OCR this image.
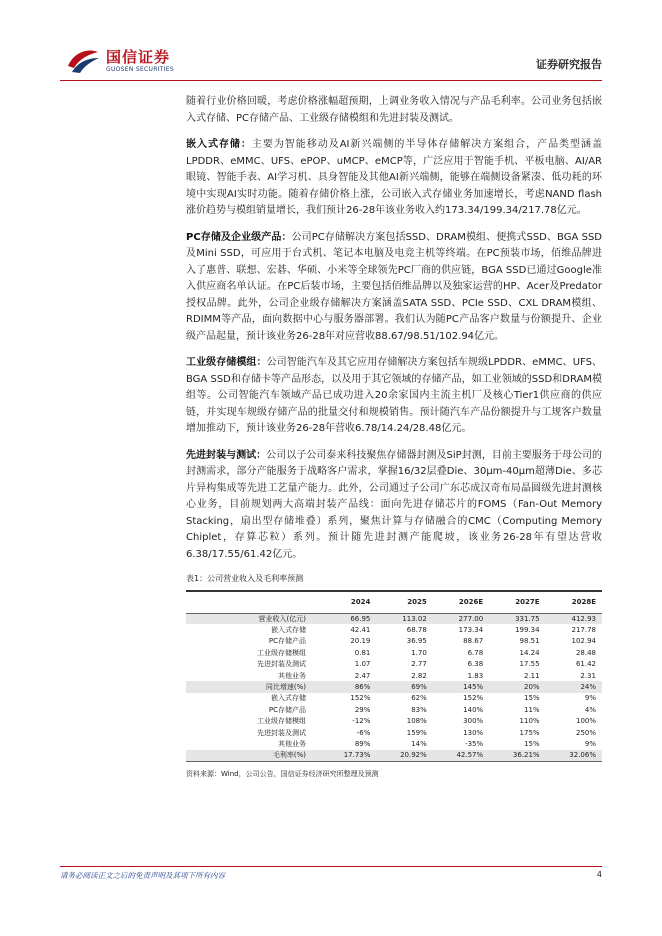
国信证券
GUOSEN SECURITIES	证券研究报告

随着行业价格回暖，考虑价格涨幅超预期，上调业务收入情况与产品毛利率。公司业务包括嵌入式存储、PC存储产品、工业级存储模组和先进封装及测试。

嵌入式存储：主要为智能移动及AI新兴端侧的半导体存储解决方案组合，产品类型涵盖LPDDR、eMMC、UFS、ePOP、uMCP、eMCP等，广泛应用于智能手机、平板电脑、AI/AR眼镜、智能手表、AI学习机、具身智能及其他AI新兴端侧，能够在端侧设备紧凑、低功耗的环境中实现AI实时功能。随着存储价格上涨，公司嵌入式存储业务加速增长，考虑NAND flash涨价趋势与模组销量增长，我们预计26-28年该业务收入约173.34/199.34/217.78亿元。

PC存储及企业级产品：公司PC存储解决方案包括SSD、DRAM模组、便携式SSD、BGA SSD及Mini SSD，可应用于台式机、笔记本电脑及电竞主机等终端。在PC预装市场，佰维品牌进入了惠普、联想、宏碁、华硕、小米等全球领先PC厂商的供应链，BGA SSD已通过Google准入供应商名单认证。在PC后装市场，主要包括佰维品牌以及独家运营的HP、Acer及Predator授权品牌。此外，公司企业级存储解决方案涵盖SATA SSD、PCIe SSD、CXL DRAM模组、RDIMM等产品，面向数据中心与服务器部署。我们认为随PC产品客户数量与份额提升、企业级产品起量，预计该业务26-28年对应营收88.67/98.51/102.94亿元。

工业级存储模组：公司智能汽车及其它应用存储解决方案包括车规级LPDDR、eMMC、UFS、BGA SSD和存储卡等产品形态，以及用于其它领域的存储产品，如工业领域的SSD和DRAM模组等。公司智能汽车领域产品已成功进入20余家国内主流主机厂及核心Tier1供应商的供应链，并实现车规级存储产品的批量交付和规模销售。预计随汽车产品份额提升与工规客户数量增加推动下，预计该业务26-28年营收6.78/14.24/28.48亿元。

先进封装与测试：公司以子公司泰来科技聚焦存储器封测及SiP封测，目前主要服务于母公司的封测需求，部分产能服务于战略客户需求，掌握16/32层叠Die、30μm-40μm超薄Die、多芯片异构集成等先进工艺量产能力。此外，公司通过子公司广东芯成汉奇布局晶圆级先进封测核心业务，目前规划两大高端封装产品线：面向先进存储芯片的FOMS（Fan-Out Memory Stacking，扇出型存储堆叠）系列，聚焦计算与存储融合的CMC（Computing Memory Chiplet，存算芯粒）系列。预计随先进封测产能爬坡，该业务26-28年有望达营收6.38/17.55/61.42亿元。

表1：公司营业收入及毛利率预测
	2024	2025	2026E	2027E	2028E
营业收入(亿元)	66.95	113.02	277.00	331.75	412.93
嵌入式存储	42.41	68.78	173.34	199.34	217.78
PC存储产品	20.19	36.95	88.67	98.51	102.94
工业级存储模组	0.81	1.70	6.78	14.24	28.48
先进封装及测试	1.07	2.77	6.38	17.55	61.42
其他业务	2.47	2.82	1.83	2.11	2.31
同比增速(%)	86%	69%	145%	20%	24%
嵌入式存储	152%	62%	152%	15%	9%
PC存储产品	29%	83%	140%	11%	4%
工业级存储模组	-12%	108%	300%	110%	100%
先进封装及测试	-6%	159%	130%	175%	250%
其他业务	89%	14%	-35%	15%	9%
毛利率(%)	17.73%	20.92%	42.57%	36.21%	32.06%
资料来源：Wind，公司公告，国信证券经济研究所整理及预测
请务必阅读正文之后的免责声明及其项下所有内容	4
